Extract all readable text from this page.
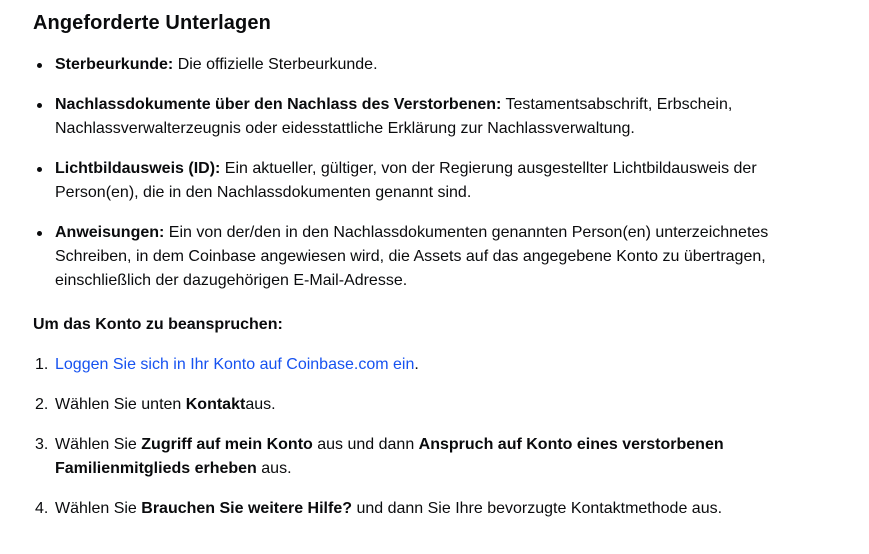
Angeforderte Unterlagen
Sterbeurkunde: Die offizielle Sterbeurkunde.
Nachlassdokumente über den Nachlass des Verstorbenen: Testamentsabschrift, Erbschein, Nachlassverwalterzeugnis oder eidesstattliche Erklärung zur Nachlassverwaltung.
Lichtbildausweis (ID): Ein aktueller, gültiger, von der Regierung ausgestellter Lichtbildausweis der Person(en), die in den Nachlassdokumenten genannt sind.
Anweisungen: Ein von der/den in den Nachlassdokumenten genannten Person(en) unterzeichnetes Schreiben, in dem Coinbase angewiesen wird, die Assets auf das angegebene Konto zu übertragen, einschließlich der dazugehörigen E-Mail-Adresse.

Um das Konto zu beanspruchen:

1. Loggen Sie sich in Ihr Konto auf Coinbase.com ein.
2. Wählen Sie unten Kontaktaus.
3. Wählen Sie Zugriff auf mein Konto aus und dann Anspruch auf Konto eines verstorbenen Familienmitglieds erheben aus.
4. Wählen Sie Brauchen Sie weitere Hilfe? und dann Sie Ihre bevorzugte Kontaktmethode aus.
